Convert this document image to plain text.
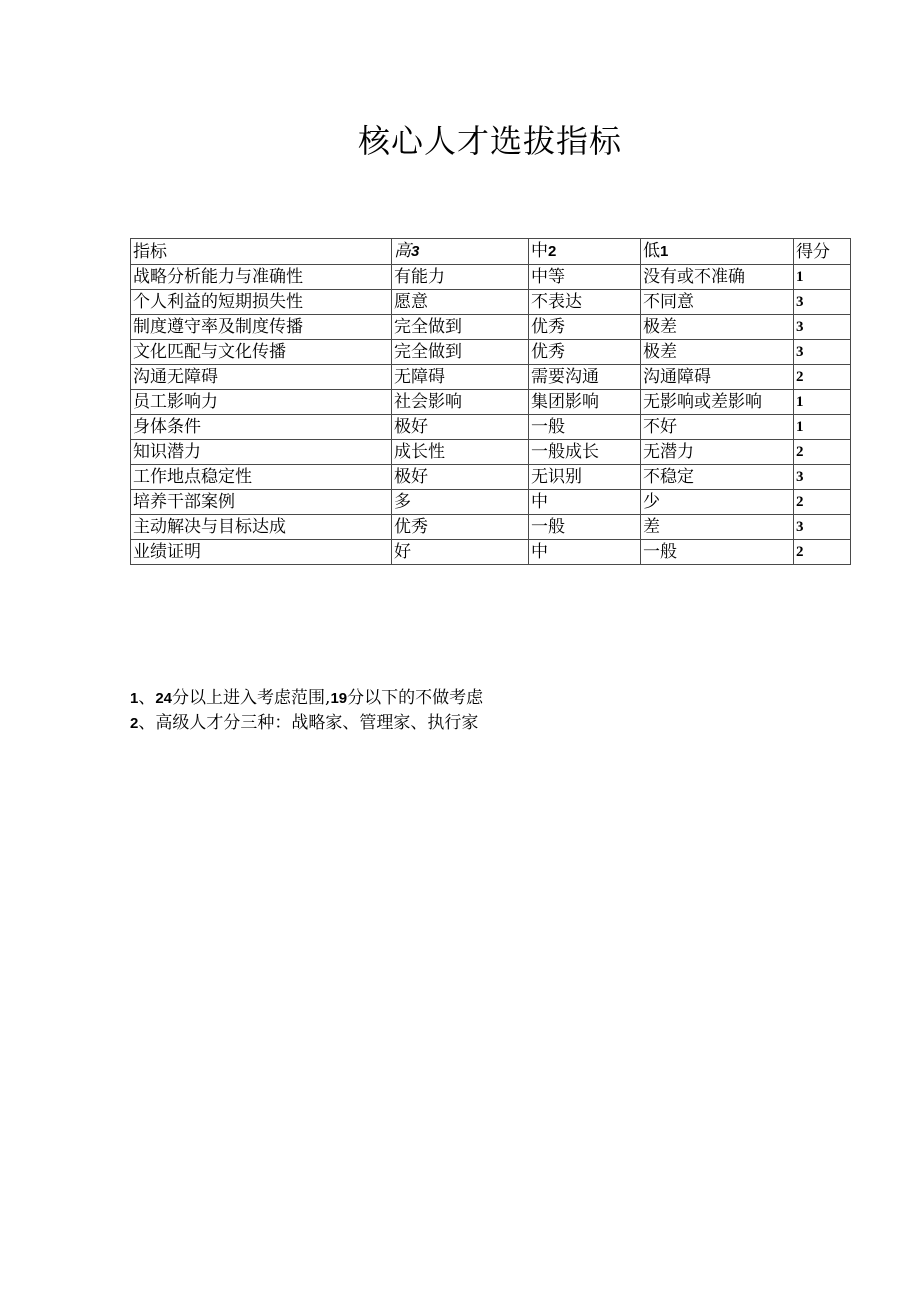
核心人才选拔指标
指标	高3	中2	低1	得分
战略分析能力与准确性	有能力	中等	没有或不准确	1
个人利益的短期损失性	愿意	不表达	不同意	3
制度遵守率及制度传播	完全做到	优秀	极差	3
文化匹配与文化传播	完全做到	优秀	极差	3
沟通无障碍	无障碍	需要沟通	沟通障碍	2
员工影响力	社会影响	集团影响	无影响或差影响	1
身体条件	极好	一般	不好	1
知识潜力	成长性	一般成长	无潜力	2
工作地点稳定性	极好	无识别	不稳定	3
培养干部案例	多	中	少	2
主动解决与目标达成	优秀	一般	差	3
业绩证明	好	中	一般	2
1、24分以上进入考虑范围,19分以下的不做考虑
2、高级人才分三种：战略家、管理家、执行家
